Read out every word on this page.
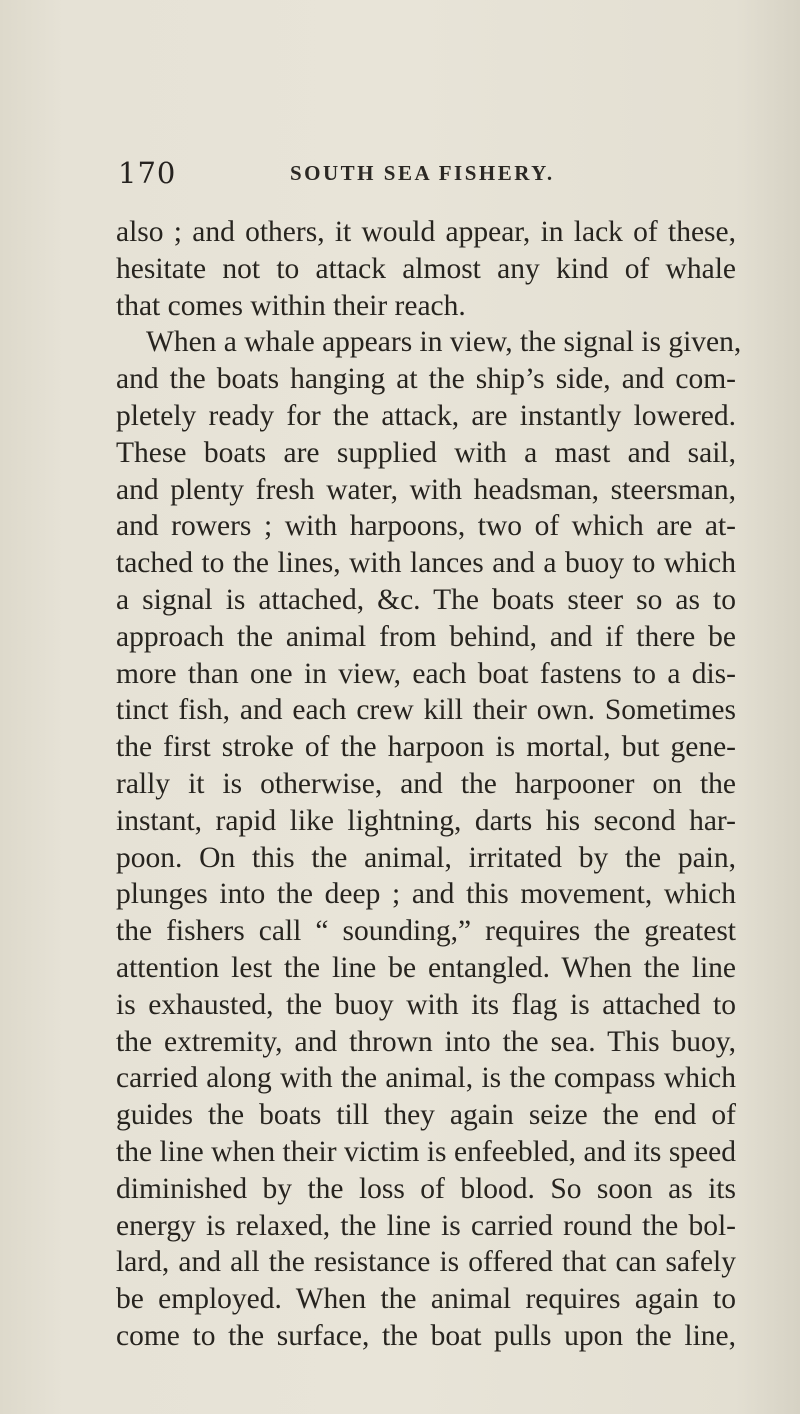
170	SOUTH SEA FISHERY.
also ; and others, it would appear, in lack of these,
hesitate not to attack almost any kind of whale
that comes within their reach.
When a whale appears in view, the signal is given,
and the boats hanging at the ship’s side, and com-
pletely ready for the attack, are instantly lowered.
These boats are supplied with a mast and sail,
and plenty fresh water, with headsman, steersman,
and rowers ; with harpoons, two of which are at-
tached to the lines, with lances and a buoy to which
a signal is attached, &c. The boats steer so as to
approach the animal from behind, and if there be
more than one in view, each boat fastens to a dis-
tinct fish, and each crew kill their own. Sometimes
the first stroke of the harpoon is mortal, but gene-
rally it is otherwise, and the harpooner on the
instant, rapid like lightning, darts his second har-
poon. On this the animal, irritated by the pain,
plunges into the deep ; and this movement, which
the fishers call “ sounding,” requires the greatest
attention lest the line be entangled. When the line
is exhausted, the buoy with its flag is attached to
the extremity, and thrown into the sea. This buoy,
carried along with the animal, is the compass which
guides the boats till they again seize the end of
the line when their victim is enfeebled, and its speed
diminished by the loss of blood. So soon as its
energy is relaxed, the line is carried round the bol-
lard, and all the resistance is offered that can safely
be employed. When the animal requires again to
come to the surface, the boat pulls upon the line,
